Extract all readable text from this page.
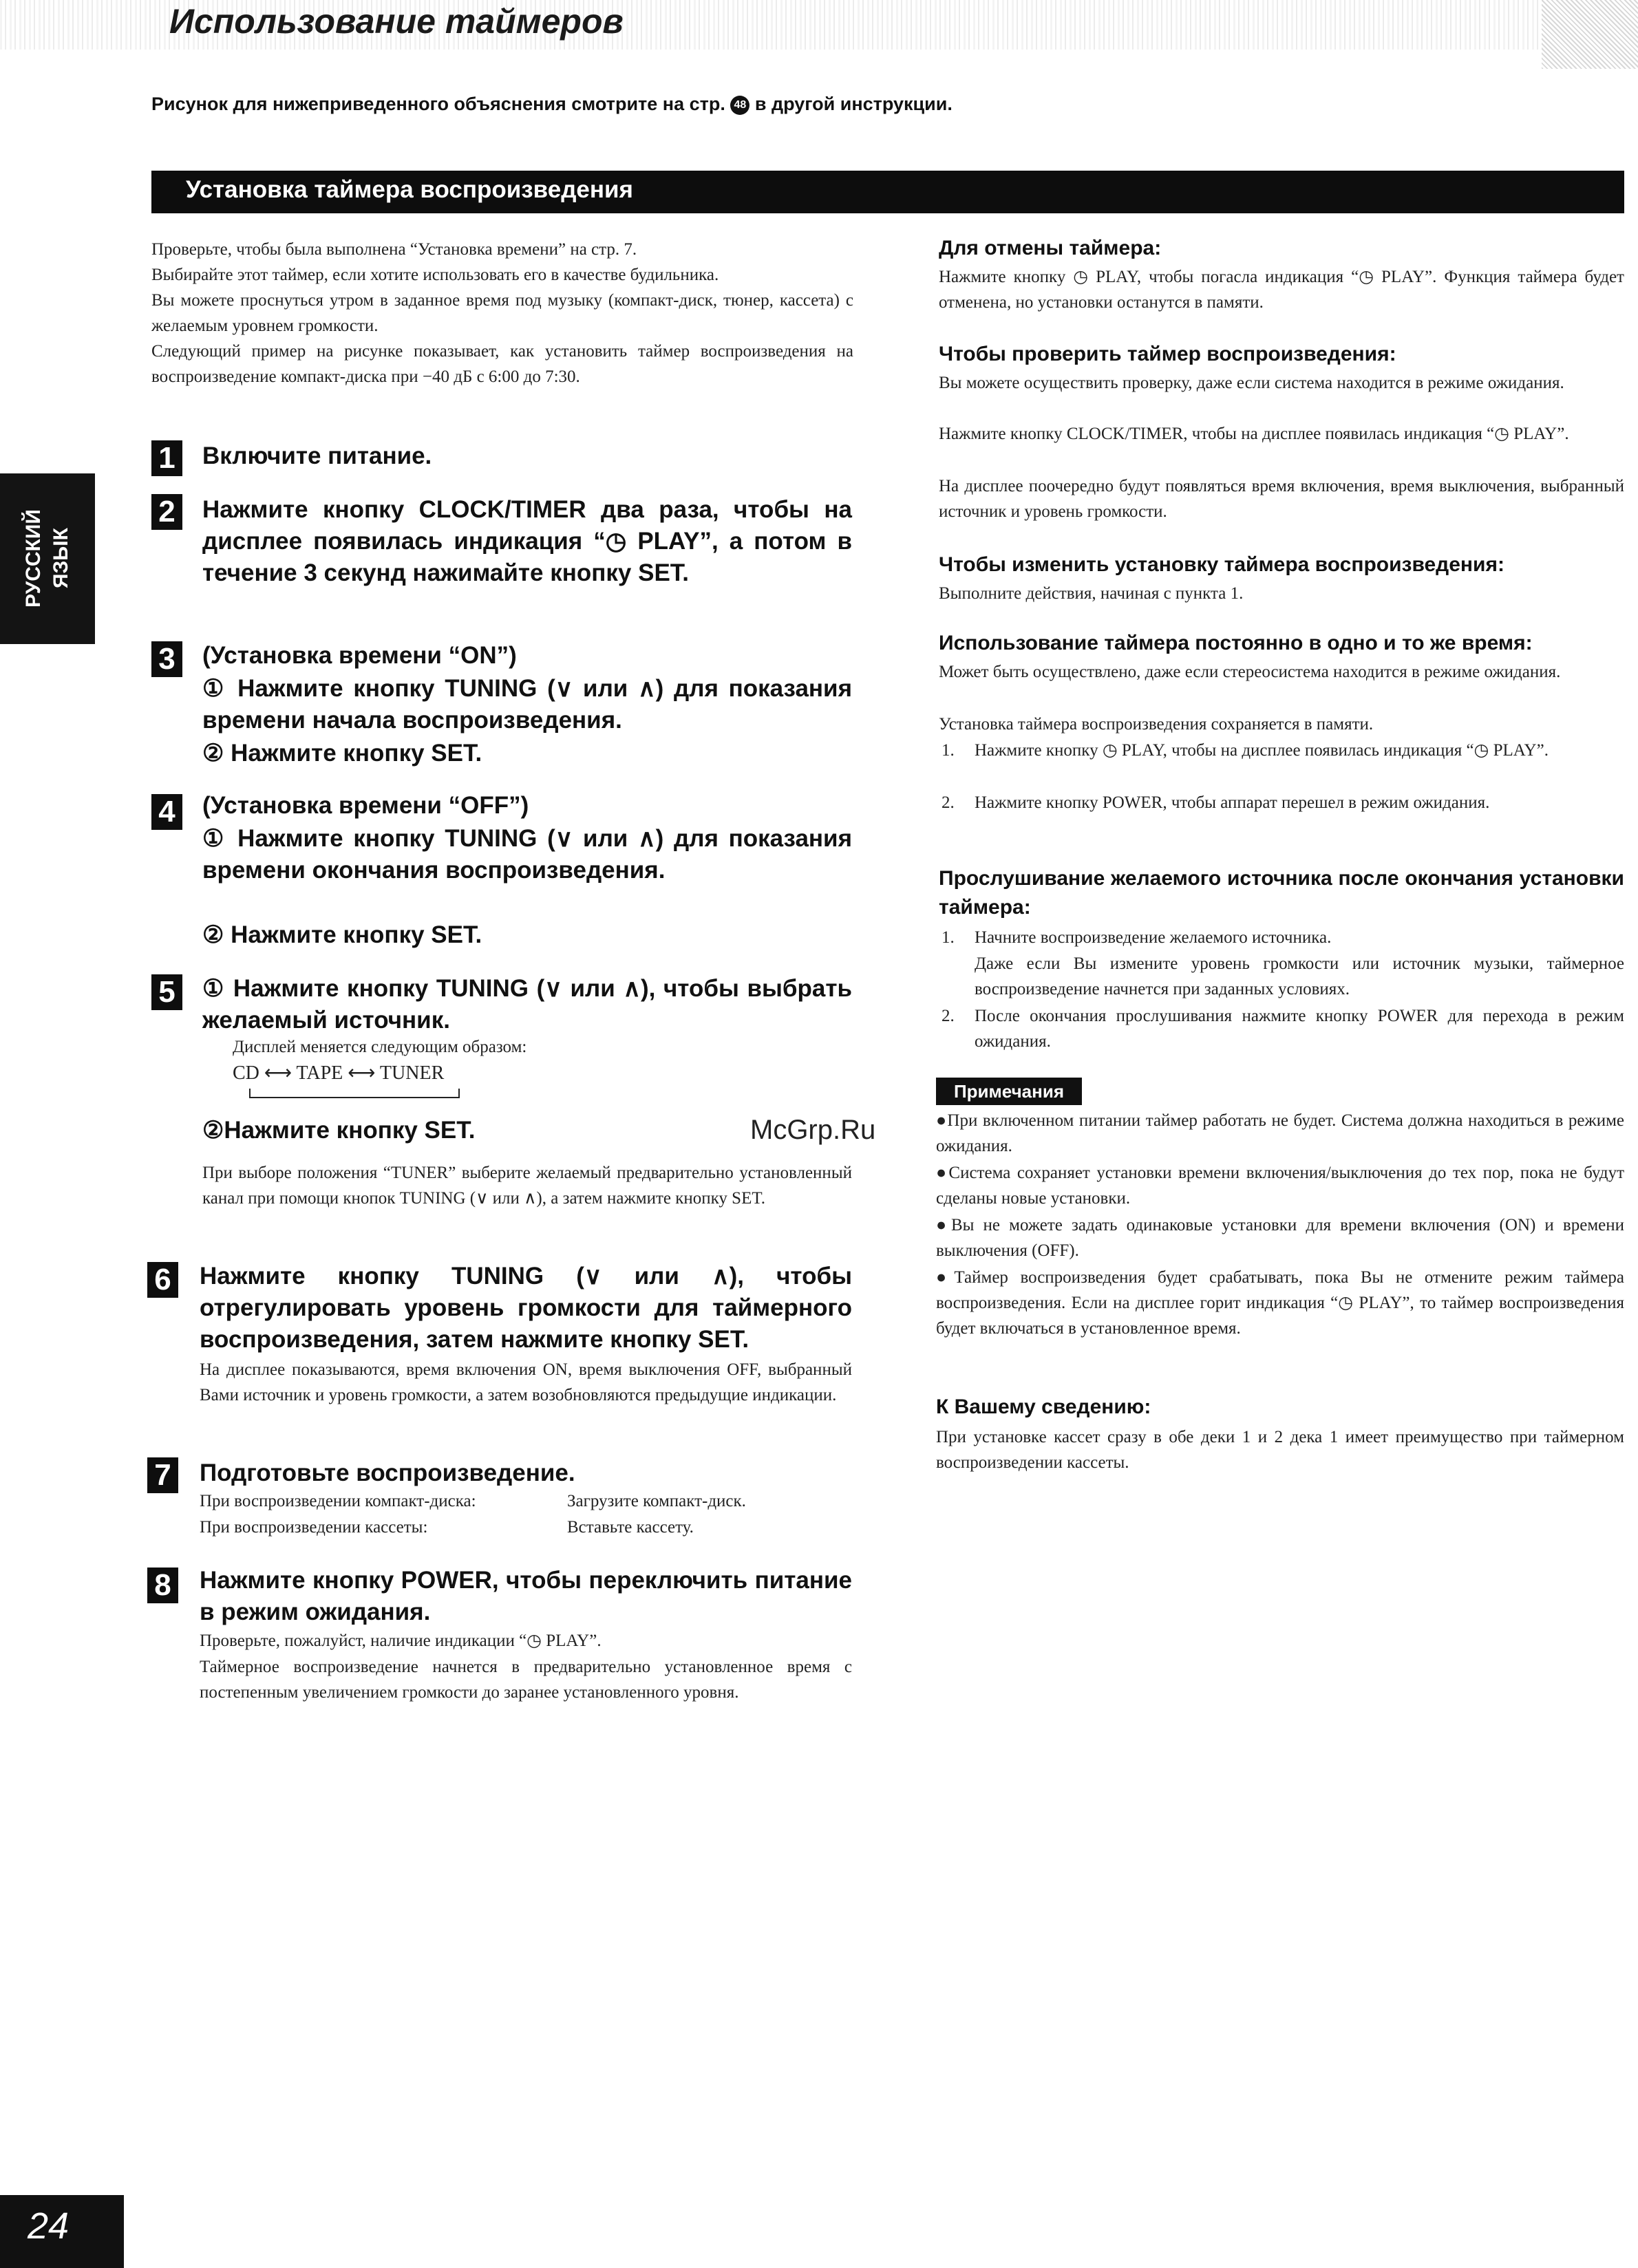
Использование таймеров
Рисунок для нижеприведенного объяснения смотрите на стр. 48 в другой инструкции.
Установка таймера воспроизведения
РУССКИЙ
ЯЗЫК
Проверьте, чтобы была выполнена “Установка времени” на стр. 7.
Выбирайте этот таймер, если хотите использовать его в качестве будильника.
Вы можете проснуться утром в заданное время под музыку (компакт-диск, тюнер, кассета) с желаемым уровнем громкости.
Следующий пример на рисунке показывает, как установить таймер воспроизведения на воспроизведение компакт-диска при −40 дБ с 6:00 до 7:30.
1 Включите питание.
2 Нажмите кнопку CLOCK/TIMER два раза, чтобы на дисплее появилась индикация “◷ PLAY”, а потом в течение 3 секунд нажимайте кнопку SET.
3 (Установка времени “ON”)
① Нажмите кнопку TUNING (∨ или ∧) для показания времени начала воспроизведения.
② Нажмите кнопку SET.
4 (Установка времени “OFF”)
① Нажмите кнопку TUNING (∨ или ∧) для показания времени окончания воспроизведения.
② Нажмите кнопку SET.
5 ① Нажмите кнопку TUNING (∨ или ∧), чтобы выбрать желаемый источник.
Дисплей меняется следующим образом:
CD ⟷ TAPE ⟷ TUNER
②Нажмите кнопку SET.
При выборе положения “TUNER” выберите желаемый предварительно установленный канал при помощи кнопок TUNING (∨ или ∧), а затем нажмите кнопку SET.
6 Нажмите кнопку TUNING (∨ или ∧), чтобы отрегулировать уровень громкости для таймерного воспроизведения, затем нажмите кнопку SET.
На дисплее показываются, время включения ON, время выключения OFF, выбранный Вами источник и уровень громкости, а затем возобновляются предыдущие индикации.
7 Подготовьте воспроизведение.
При воспроизведении компакт-диска:	Загрузите компакт-диск.
При воспроизведении кассеты:	Вставьте кассету.
8 Нажмите кнопку POWER, чтобы переключить питание в режим ожидания.
Проверьте, пожалуйст, наличие индикации “◷ PLAY”.
Таймерное воспроизведение начнется в предварительно установленное время с постепенным увеличением громкости до заранее установленного уровня.
McGrp.Ru
Для отмены таймера:
Нажмите кнопку ◷ PLAY, чтобы погасла индикация “◷ PLAY”. Функция таймера будет отменена, но установки останутся в памяти.
Чтобы проверить таймер воспроизведения:
Вы можете осуществить проверку, даже если система находится в режиме ожидания.
Нажмите кнопку CLOCK/TIMER, чтобы на дисплее появилась индикация “◷ PLAY”.
На дисплее поочередно будут появляться время включения, время выключения, выбранный источник и уровень громкости.
Чтобы изменить установку таймера воспроизведения:
Выполните действия, начиная с пункта 1.
Использование таймера постоянно в одно и то же время:
Может быть осуществлено, даже если стереосистема находится в режиме ожидания.
Установка таймера воспроизведения сохраняется в памяти.
1. Нажмите кнопку ◷ PLAY, чтобы на дисплее появилась индикация “◷ PLAY”.
2. Нажмите кнопку POWER, чтобы аппарат перешел в режим ожидания.
Прослушивание желаемого источника после окончания установки таймера:
1. Начните воспроизведение желаемого источника.
Даже если Вы измените уровень громкости или источник музыки, таймерное воспроизведение начнется при заданных условиях.
2. После окончания прослушивания нажмите кнопку POWER для перехода в режим ожидания.
Примечания
●При включенном питании таймер работать не будет. Система должна находиться в режиме ожидания.
●Система сохраняет установки времени включения/выключения до тех пор, пока не будут сделаны новые установки.
●Вы не можете задать одинаковые установки для времени включения (ON) и времени выключения (OFF).
●Таймер воспроизведения будет срабатывать, пока Вы не отмените режим таймера воспроизведения. Если на дисплее горит индикация “◷ PLAY”, то таймер воспроизведения будет включаться в установленное время.
К Вашему сведению:
При установке кассет сразу в обе деки 1 и 2 дека 1 имеет преимущество при таймерном воспроизведении кассеты.
24
